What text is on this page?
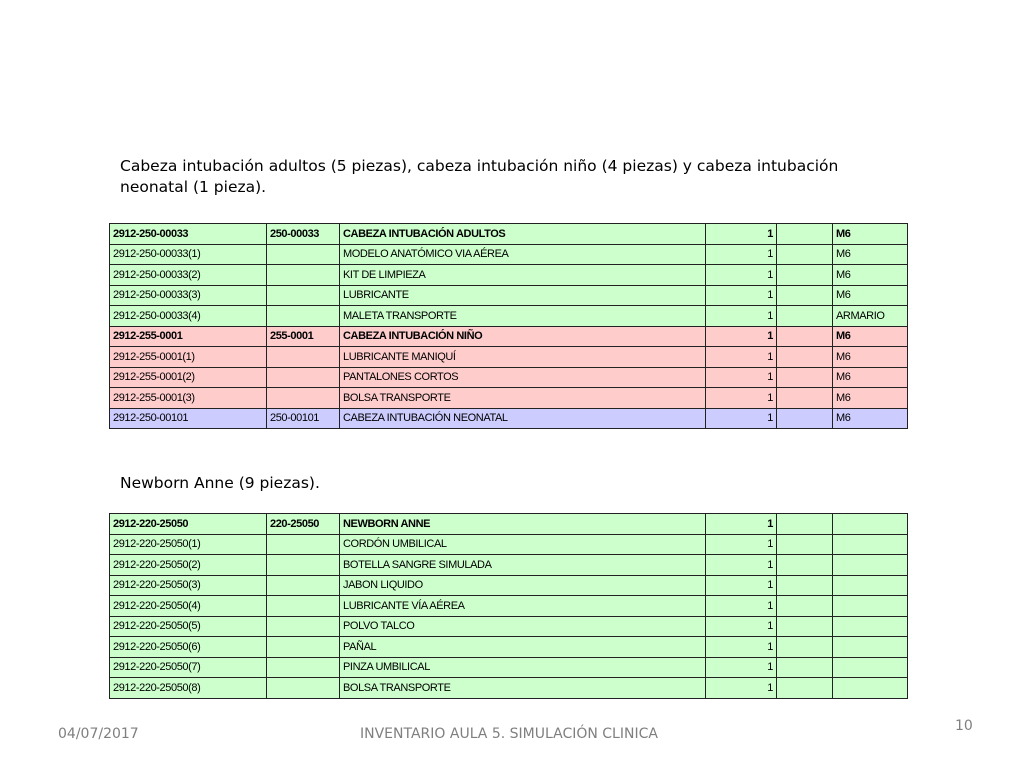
Cabeza intubación adultos (5 piezas), cabeza intubación niño (4 piezas) y cabeza intubación neonatal (1 pieza).
2912-250-00033	250-00033	CABEZA INTUBACIÓN ADULTOS	1		M6
2912-250-00033(1)		MODELO ANATÓMICO VIA AÉREA	1		M6
2912-250-00033(2)		KIT DE LIMPIEZA	1		M6
2912-250-00033(3)		LUBRICANTE	1		M6
2912-250-00033(4)		MALETA TRANSPORTE	1		ARMARIO
2912-255-0001	255-0001	CABEZA INTUBACIÓN NIÑO	1		M6
2912-255-0001(1)		LUBRICANTE MANIQUÍ	1		M6
2912-255-0001(2)		PANTALONES CORTOS	1		M6
2912-255-0001(3)		BOLSA TRANSPORTE	1		M6
2912-250-00101	250-00101	CABEZA INTUBACIÓN NEONATAL	1		M6
Newborn Anne (9 piezas).
2912-220-25050	220-25050	NEWBORN ANNE	1		
2912-220-25050(1)		CORDÓN UMBILICAL	1		
2912-220-25050(2)		BOTELLA SANGRE SIMULADA	1		
2912-220-25050(3)		JABON LIQUIDO	1		
2912-220-25050(4)		LUBRICANTE VÍA AÉREA	1		
2912-220-25050(5)		POLVO TALCO	1		
2912-220-25050(6)		PAÑAL	1		
2912-220-25050(7)		PINZA UMBILICAL	1		
2912-220-25050(8)		BOLSA TRANSPORTE	1		
04/07/2017	INVENTARIO AULA 5. SIMULACIÓN CLINICA	10
